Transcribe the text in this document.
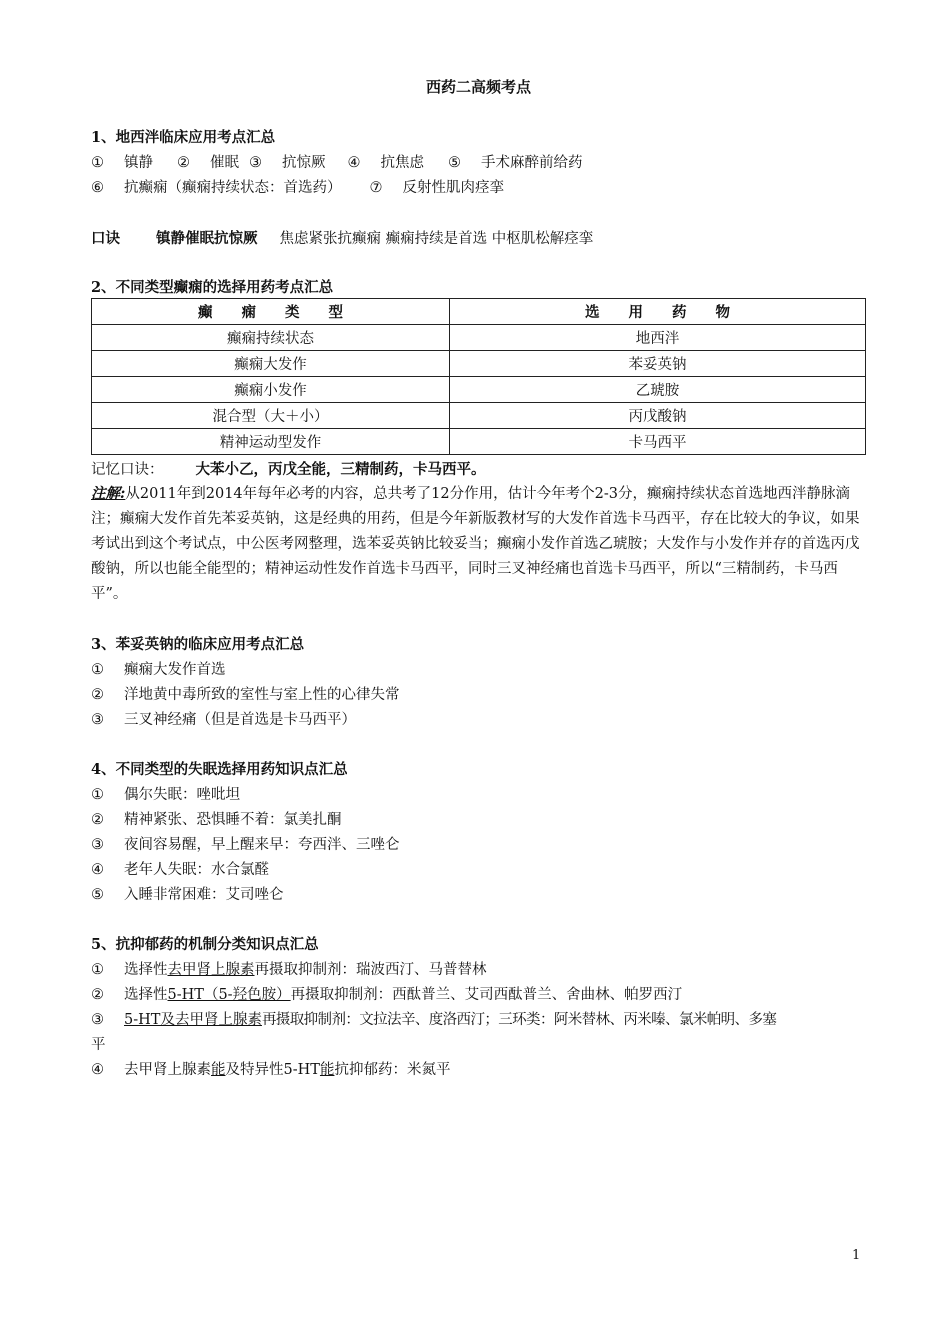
西药二高频考点
1、地西泮临床应用考点汇总
① 镇静 ② 催眠 ③ 抗惊厥 ④ 抗焦虑 ⑤ 手术麻醉前给药
⑥ 抗癫痫（癫痫持续状态：首选药） ⑦ 反射性肌肉痉挛
口诀 镇静催眠抗惊厥 焦虑紧张抗癫痫 癫痫持续是首选 中枢肌松解痉挛
2、不同类型癫痫的选择用药考点汇总
癫　　痫　　类　　型	选　　用　　药　　物
癫痫持续状态	地西泮
癫痫大发作	苯妥英钠
癫痫小发作	乙琥胺
混合型（大＋小）	丙戊酸钠
精神运动型发作	卡马西平
记忆口诀： 大苯小乙，丙戊全能，三精制药，卡马西平。
注解:从2011年到2014年每年必考的内容，总共考了12分作用，估计今年考个2-3分，癫痫持续状态首选地西泮静脉滴注；癫痫大发作首先苯妥英钠，这是经典的用药，但是今年新版教材写的大发作首选卡马西平，存在比较大的争议，如果考试出到这个考试点，中公医考网整理，选苯妥英钠比较妥当；癫痫小发作首选乙琥胺；大发作与小发作并存的首选丙戊酸钠，所以也能全能型的；精神运动性发作首选卡马西平，同时三叉神经痛也首选卡马西平，所以“三精制药，卡马西平”。
3、苯妥英钠的临床应用考点汇总
① 癫痫大发作首选
② 洋地黄中毒所致的室性与室上性的心律失常
③ 三叉神经痛（但是首选是卡马西平）
4、不同类型的失眠选择用药知识点汇总
① 偶尔失眠：唑吡坦
② 精神紧张、恐惧睡不着：氯美扎酮
③ 夜间容易醒，早上醒来早：夸西泮、三唑仑
④ 老年人失眠：水合氯醛
⑤ 入睡非常困难：艾司唑仑
5、抗抑郁药的机制分类知识点汇总
① 选择性去甲肾上腺素再摄取抑制剂：瑞波西汀、马普替林
② 选择性5-HT（5-羟色胺）再摄取抑制剂：西酞普兰、艾司西酞普兰、舍曲林、帕罗西汀
③ 5-HT及去甲肾上腺素再摄取抑制剂：文拉法辛、度洛西汀；三环类：阿米替林、丙米嗪、氯米帕明、多塞
平
④ 去甲肾上腺素能及特异性5-HT能抗抑郁药：米氮平
1
